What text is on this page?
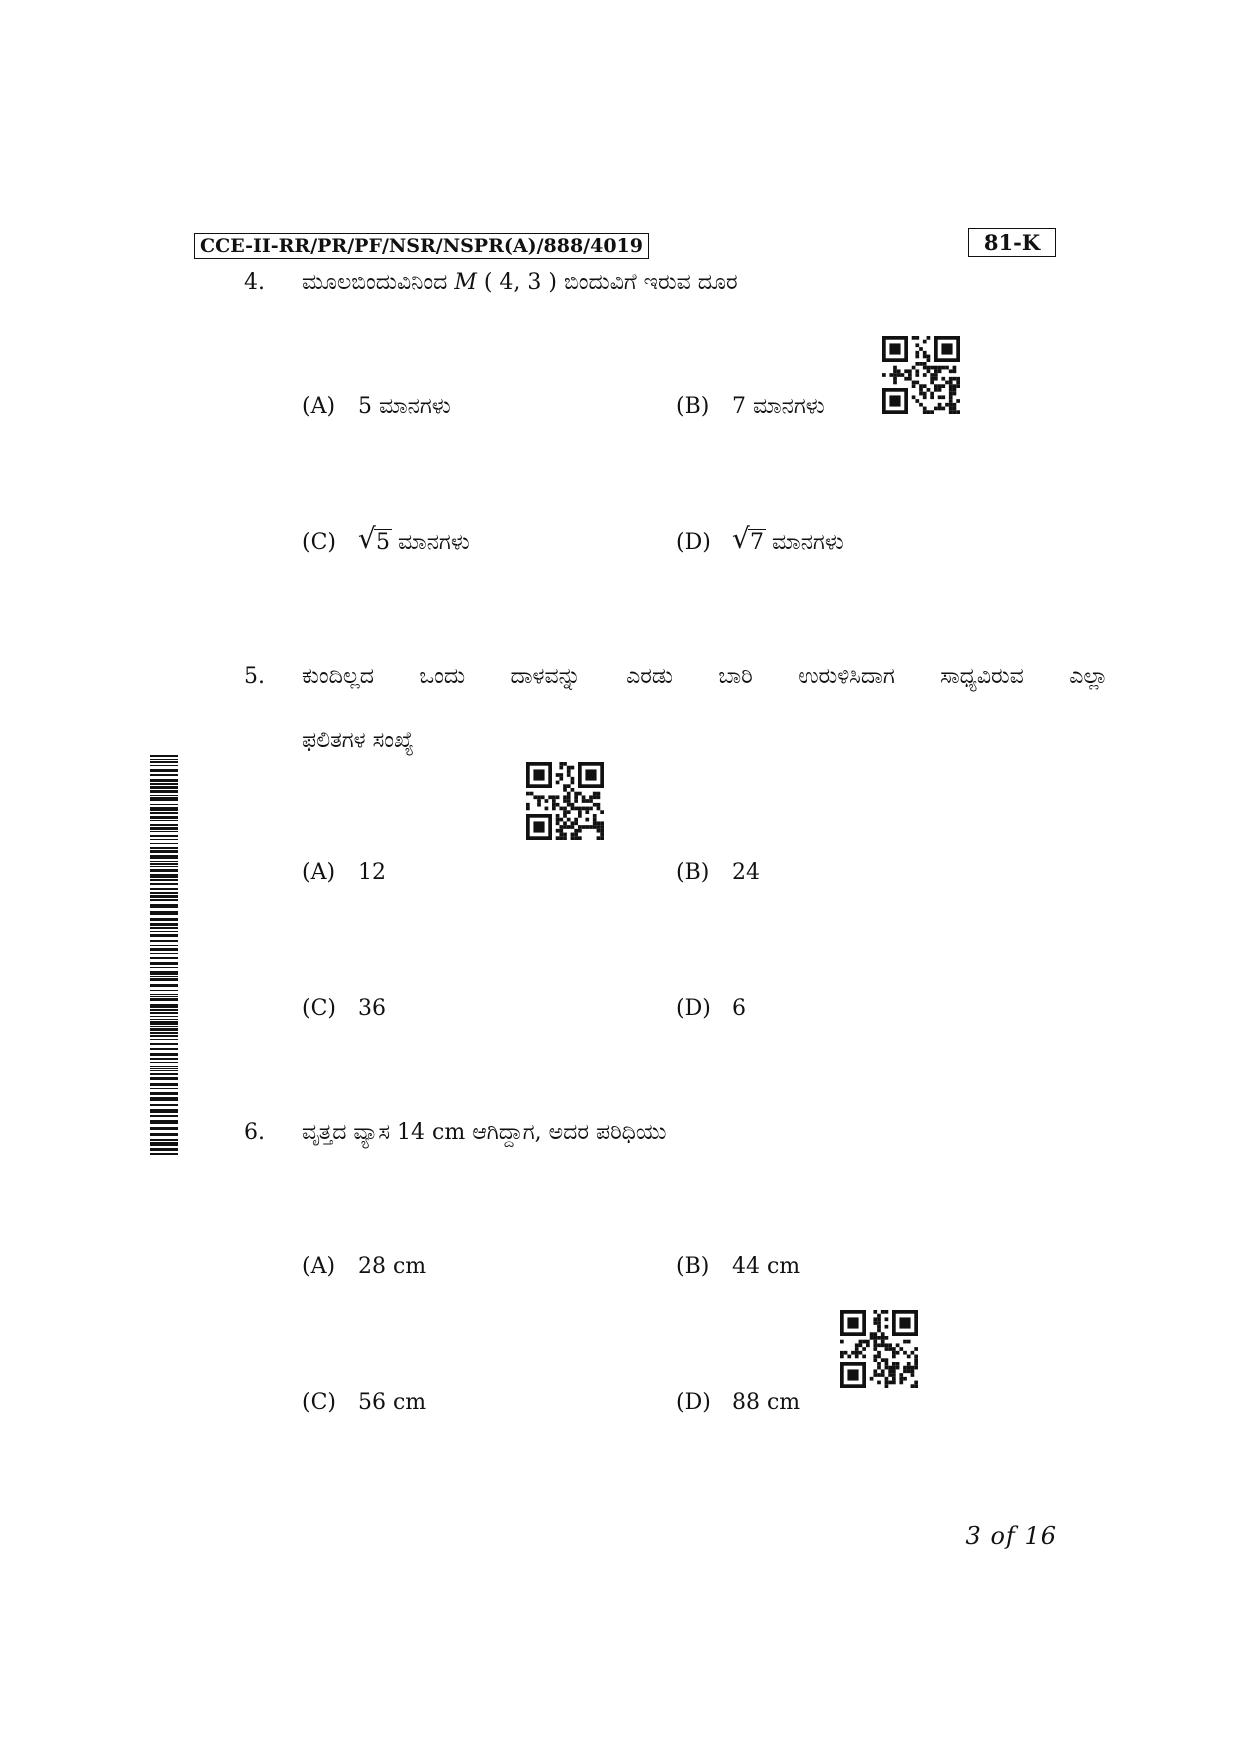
CCE-II-RR/PR/PF/NSR/NSPR(A)/888/4019	81-K
4. ಮೂಲಬಿಂದುವಿನಿಂದ M ( 4, 3 ) ಬಿಂದುವಿಗೆ ಇರುವ ದೂರ
(A) 5 ಮಾನಗಳು	(B) 7 ಮಾನಗಳು
(C) √ 5 ಮಾನಗಳು	(D) √ 7 ಮಾನಗಳು
5. ಕುಂದಿಲ್ಲದ ಒಂದು ದಾಳವನ್ನು ಎರಡು ಬಾರಿ ಉರುಳಿಸಿದಾಗ ಸಾಧ್ಯವಿರುವ ಎಲ್ಲಾ
ಫಲಿತಗಳ ಸಂಖ್ಯೆ
(A) 12	(B) 24
(C) 36	(D) 6
6. ವೃತ್ತದ ವ್ಯಾಸ 14 cm ಆಗಿದ್ದಾಗ, ಅದರ ಪರಿಧಿಯು
(A) 28 cm	(B) 44 cm
(C) 56 cm	(D) 88 cm
3 of 16
